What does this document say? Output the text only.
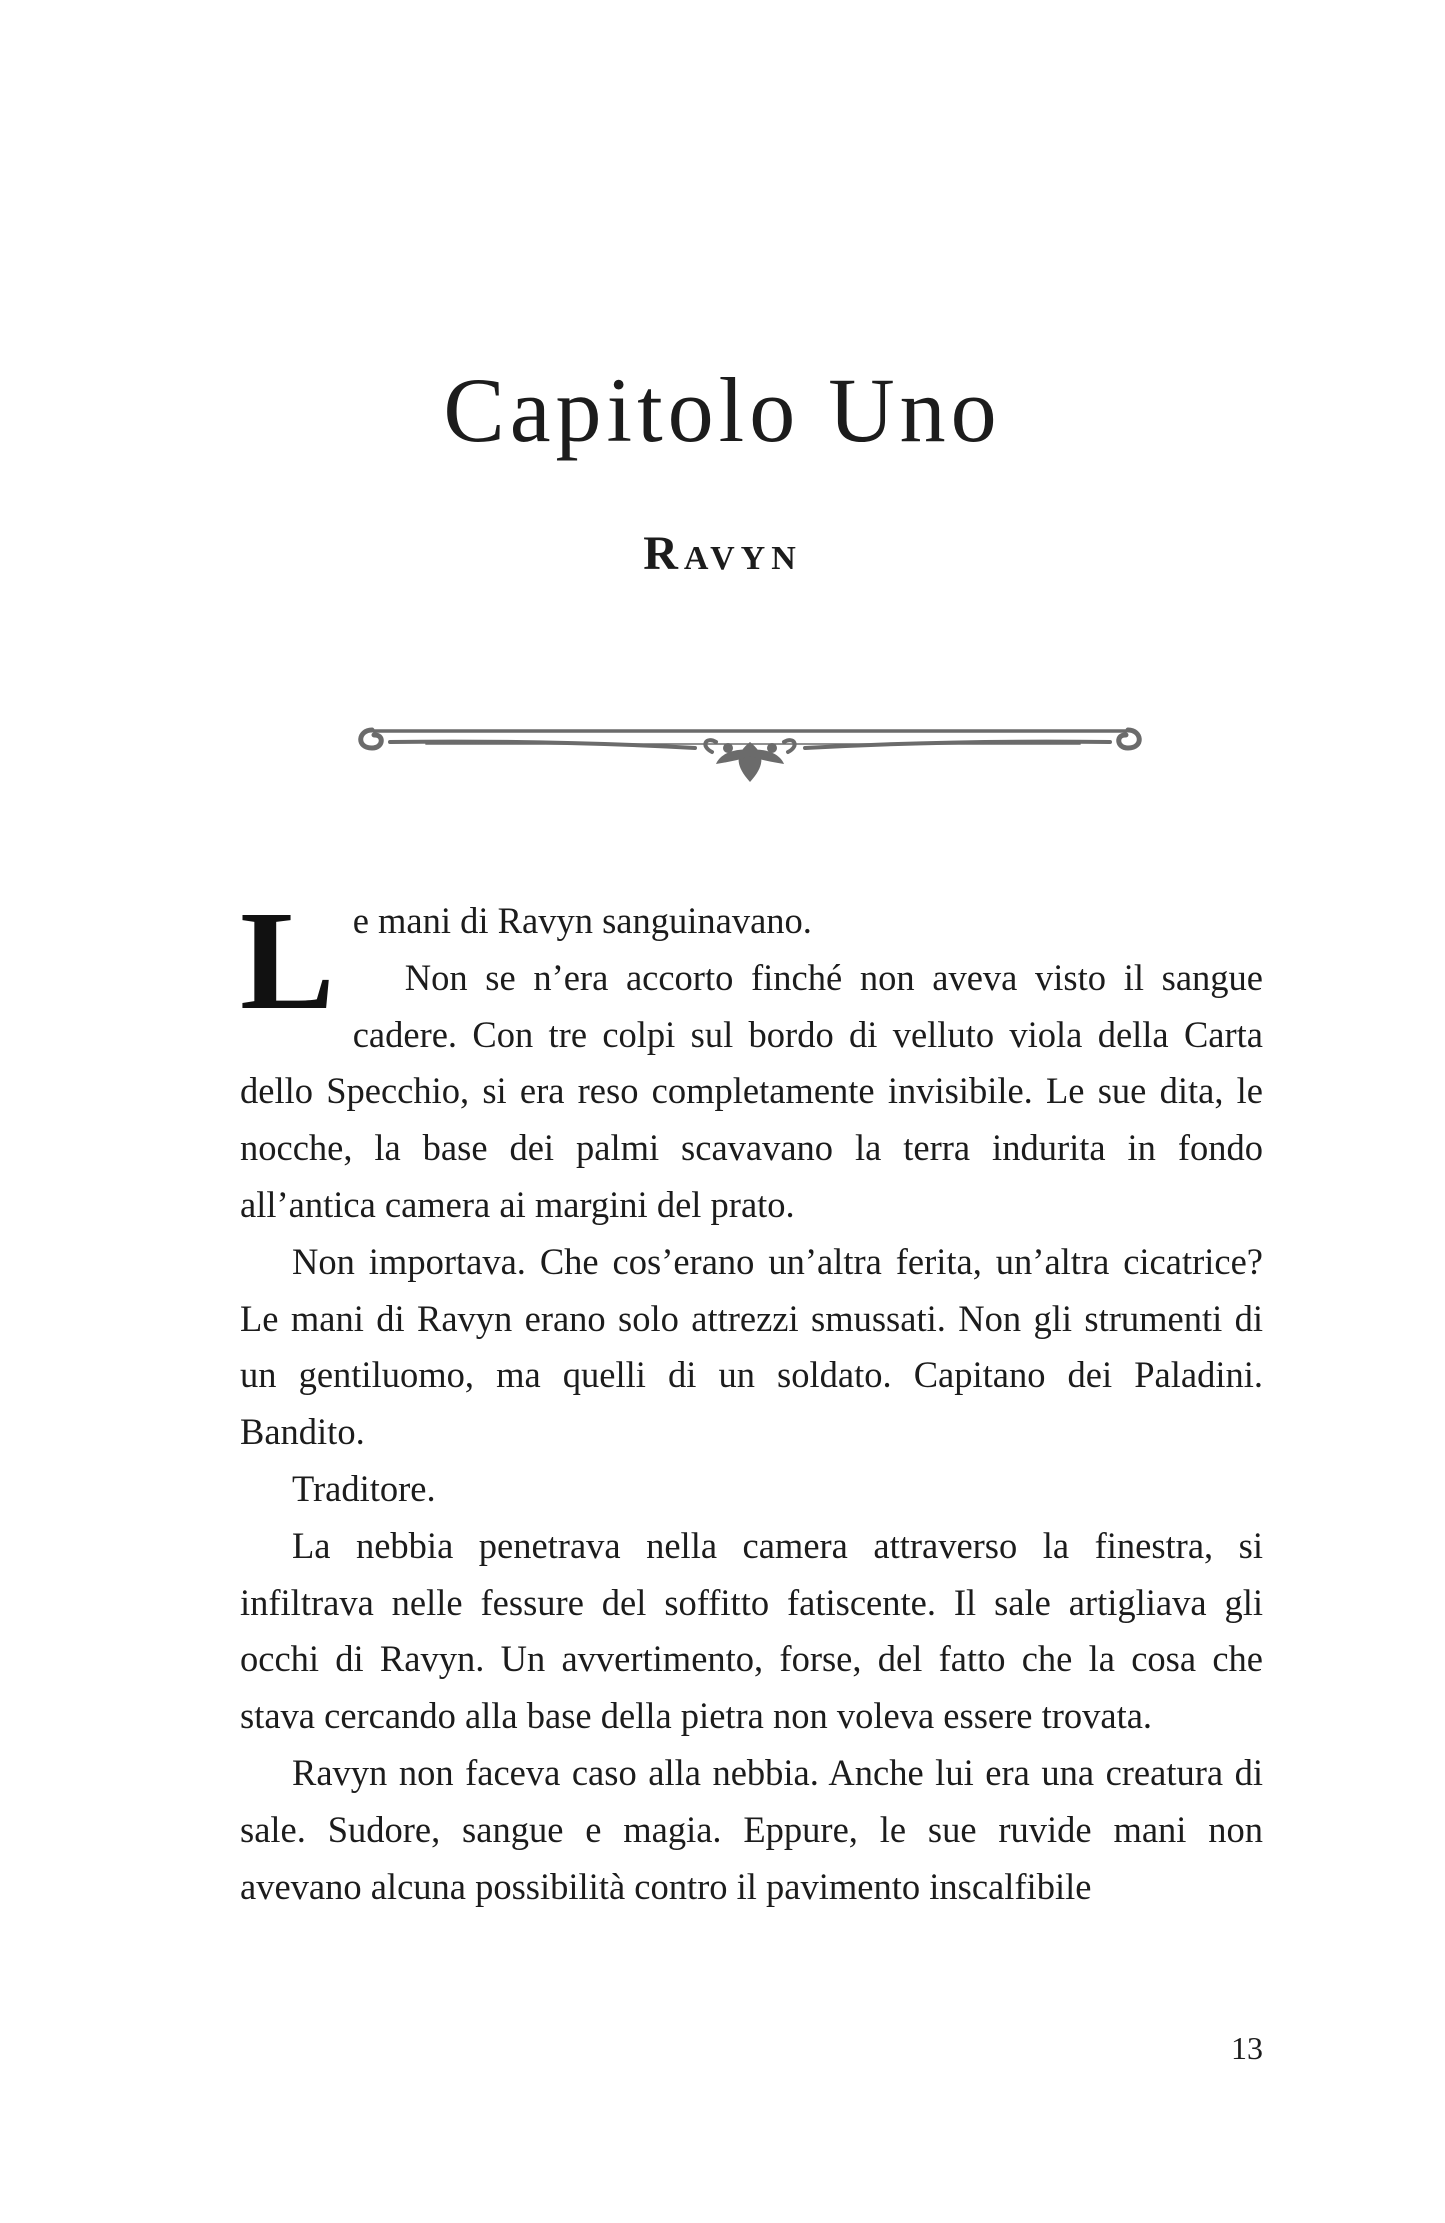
Capitolo Uno
Ravyn

Le mani di Ravyn sanguinavano.

Non se n’era accorto finché non aveva visto il sangue cadere. Con tre colpi sul bordo di velluto viola della Carta dello Specchio, si era reso completamente invisibile. Le sue dita, le nocche, la base dei palmi scavavano la terra indurita in fondo all’antica camera ai margini del prato.

Non importava. Che cos’erano un’altra ferita, un’altra cicatrice? Le mani di Ravyn erano solo attrezzi smussati. Non gli strumenti di un gentiluomo, ma quelli di un soldato. Capitano dei Paladini. Bandito.

Traditore.

La nebbia penetrava nella camera attraverso la finestra, si infiltrava nelle fessure del soffitto fatiscente. Il sale artigliava gli occhi di Ravyn. Un avvertimento, forse, del fatto che la cosa che stava cercando alla base della pietra non voleva essere trovata.

Ravyn non faceva caso alla nebbia. Anche lui era una creatura di sale. Sudore, sangue e magia. Eppure, le sue ruvide mani non avevano alcuna possibilità contro il pavimento inscalfibile

13
